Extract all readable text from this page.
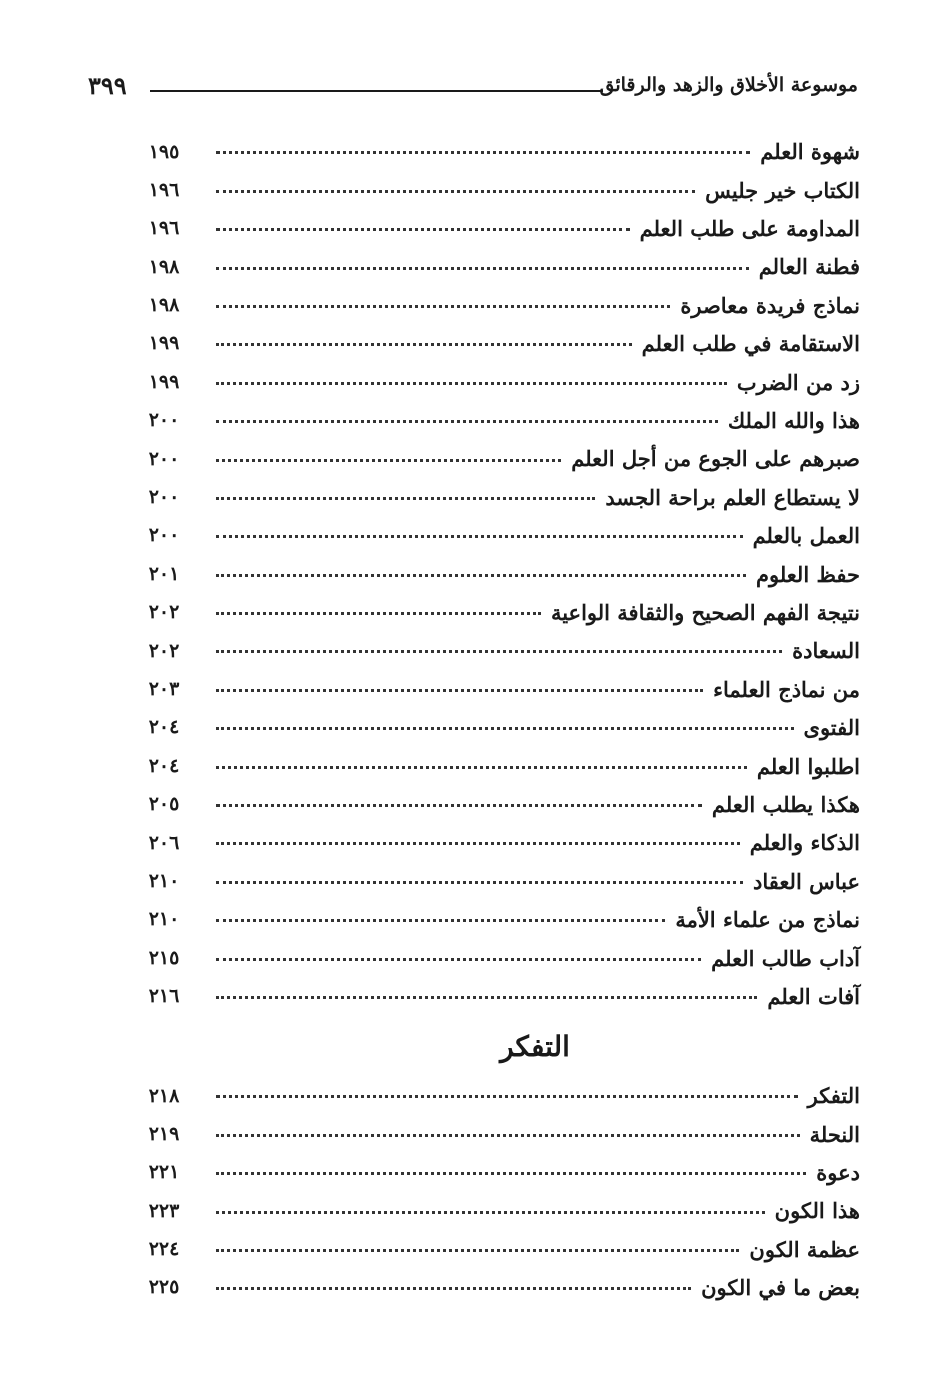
موسوعة الأخلاق والزهد والرقائق
٣٩٩
شهوة العلم
١٩٥
الكتاب خير جليس
١٩٦
المداومة على طلب العلم
١٩٦
فطنة العالم
١٩٨
نماذج فريدة معاصرة
١٩٨
الاستقامة في طلب العلم
١٩٩
زد من الضرب
١٩٩
هذا والله الملك
٢٠٠
صبرهم على الجوع من أجل العلم
٢٠٠
لا يستطاع العلم براحة الجسد
٢٠٠
العمل بالعلم
٢٠٠
حفظ العلوم
٢٠١
نتيجة الفهم الصحيح والثقافة الواعية
٢٠٢
السعادة
٢٠٢
من نماذج العلماء
٢٠٣
الفتوى
٢٠٤
اطلبوا العلم
٢٠٤
هكذا يطلب العلم
٢٠٥
الذكاء والعلم
٢٠٦
عباس العقاد
٢١٠
نماذج من علماء الأمة
٢١٠
آداب طالب العلم
٢١٥
آفات العلم
٢١٦
التفكر
التفكر
٢١٨
النحلة
٢١٩
دعوة
٢٢١
هذا الكون
٢٢٣
عظمة الكون
٢٢٤
بعض ما في الكون
٢٢٥
